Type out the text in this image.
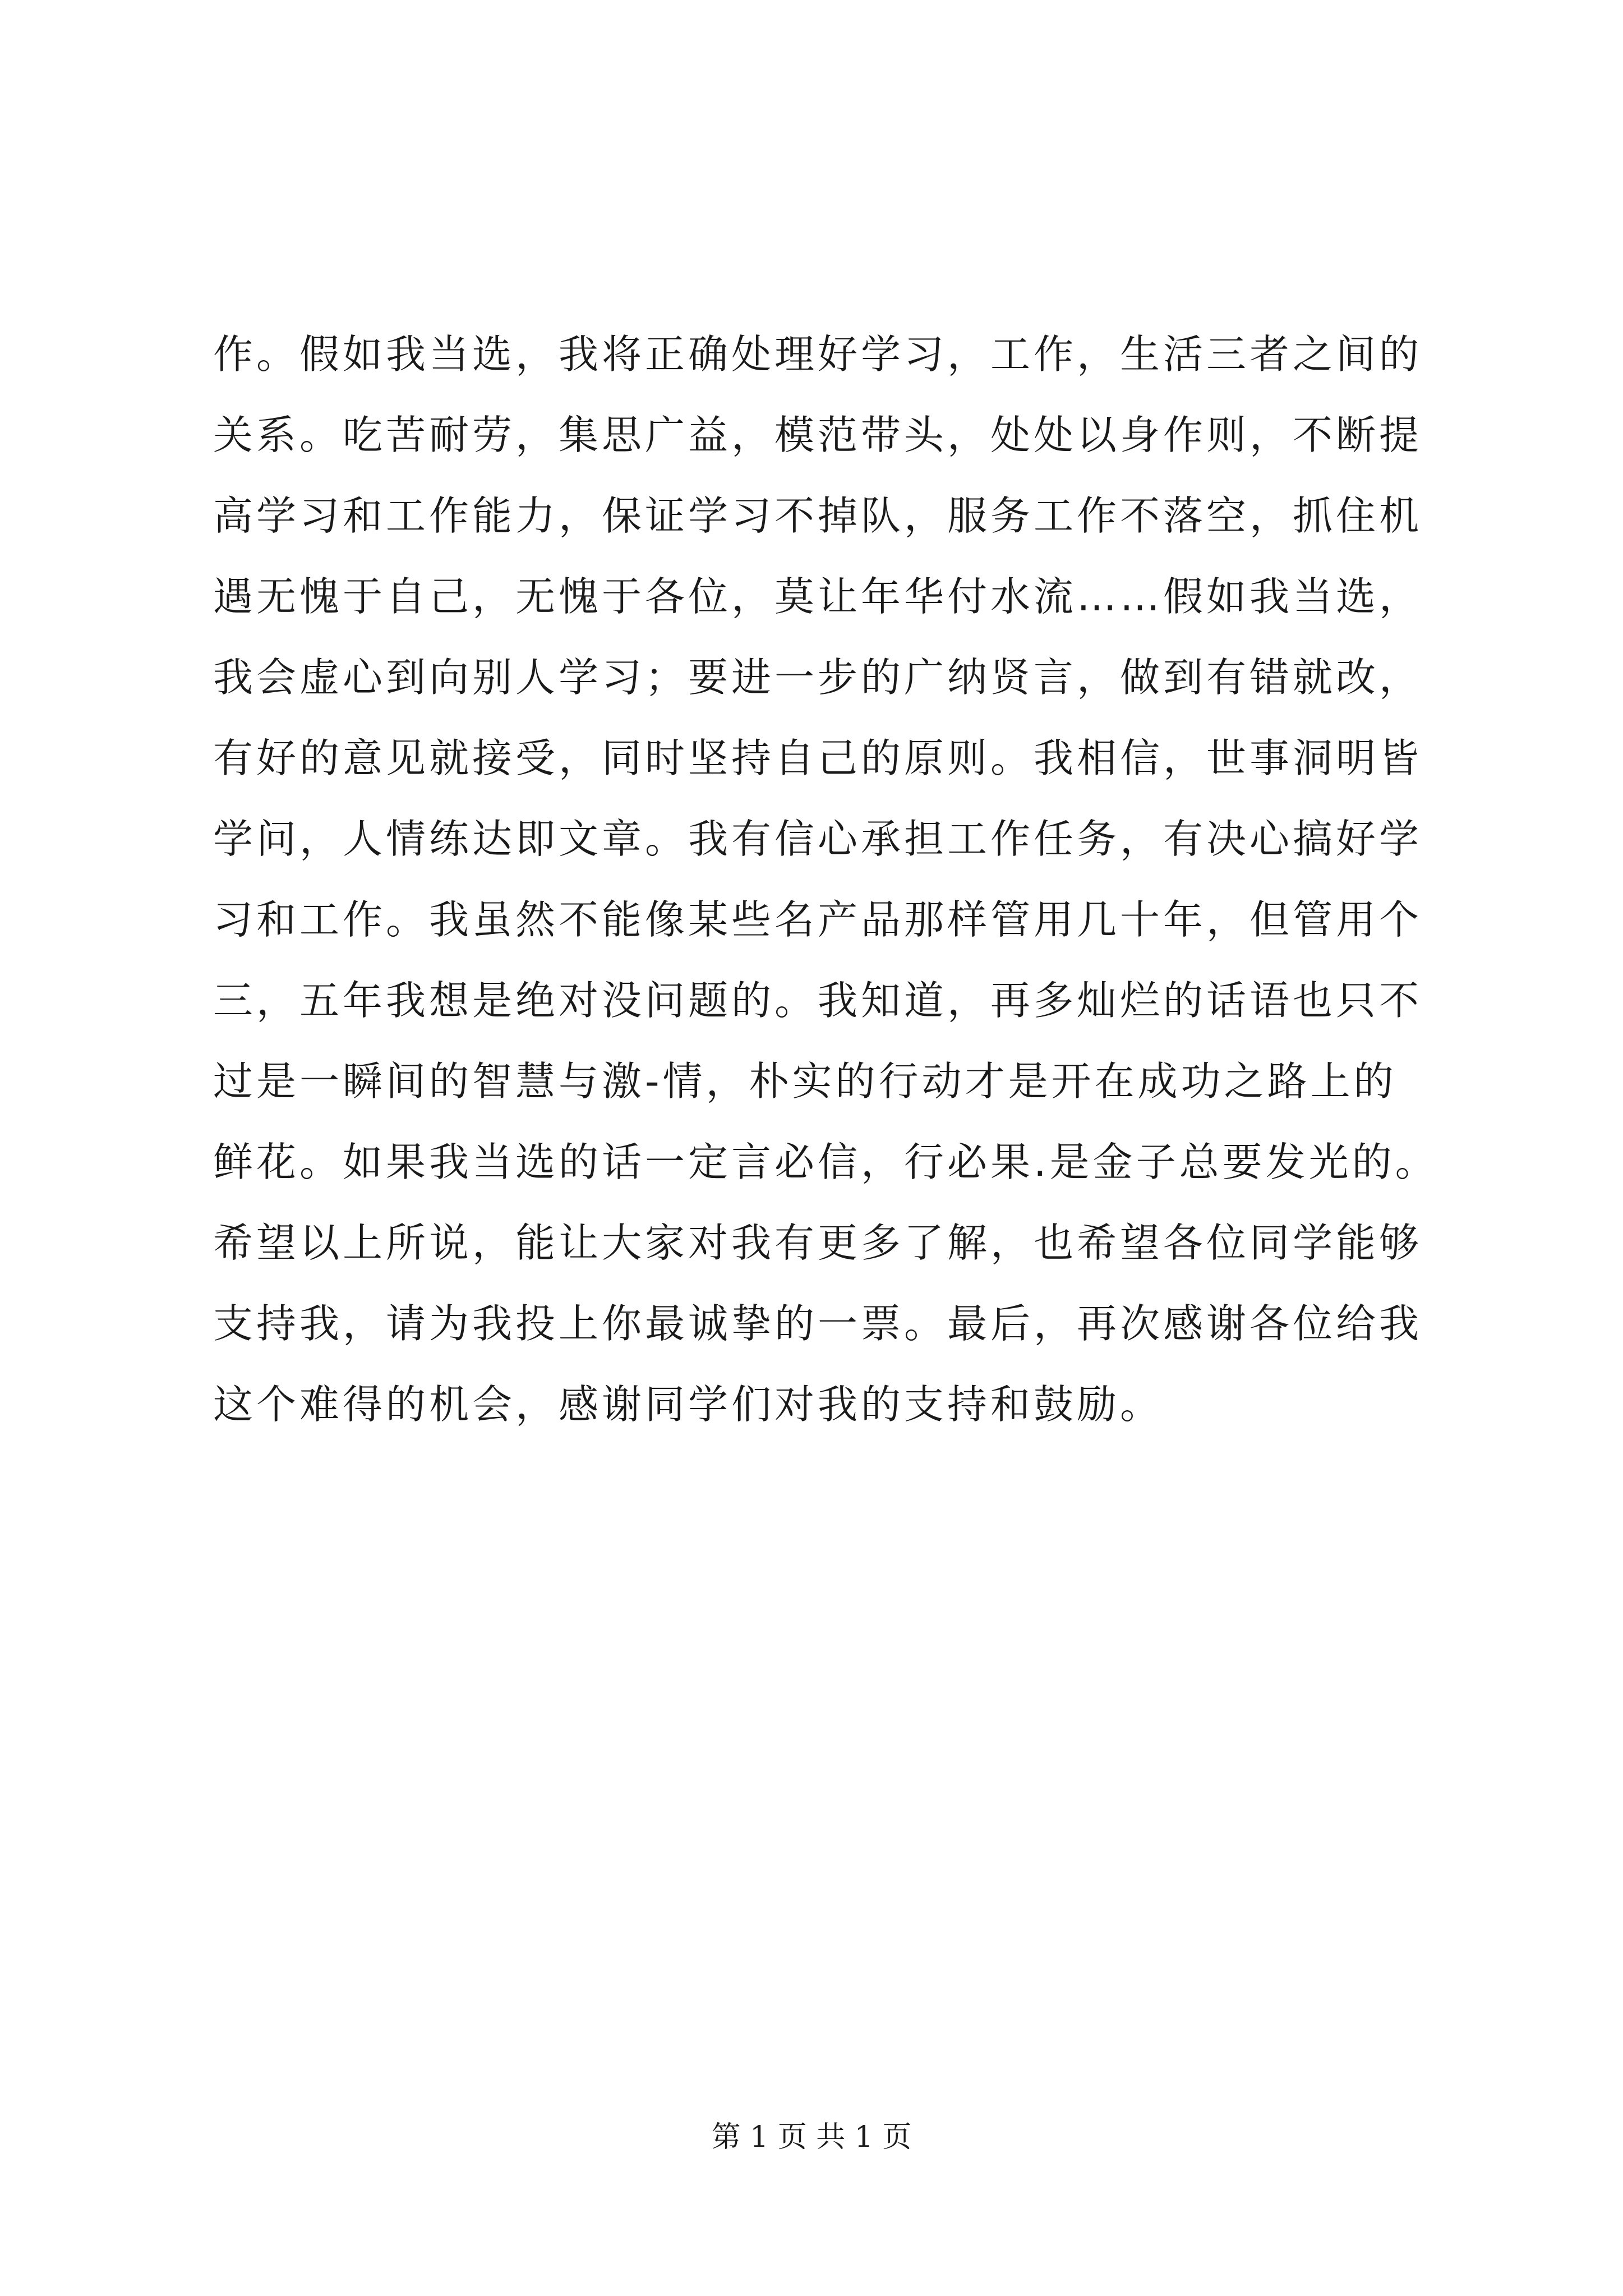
作。假如我当选，我将正确处理好学习，工作，生活三者之间的
关系。吃苦耐劳，集思广益，模范带头，处处以身作则，不断提
高学习和工作能力，保证学习不掉队，服务工作不落空，抓住机
遇无愧于自己，无愧于各位，莫让年华付水流……假如我当选，
我会虚心到向别人学习；要进一步的广纳贤言，做到有错就改，
有好的意见就接受，同时坚持自己的原则。我相信，世事洞明皆
学问，人情练达即文章。我有信心承担工作任务，有决心搞好学
习和工作。我虽然不能像某些名产品那样管用几十年，但管用个
三，五年我想是绝对没问题的。我知道，再多灿烂的话语也只不
过是一瞬间的智慧与激-情，朴实的行动才是开在成功之路上的
鲜花。如果我当选的话一定言必信，行必果.是金子总要发光的。
希望以上所说，能让大家对我有更多了解，也希望各位同学能够
支持我，请为我投上你最诚挚的一票。最后，再次感谢各位给我
这个难得的机会，感谢同学们对我的支持和鼓励。
第 1 页 共 1 页
